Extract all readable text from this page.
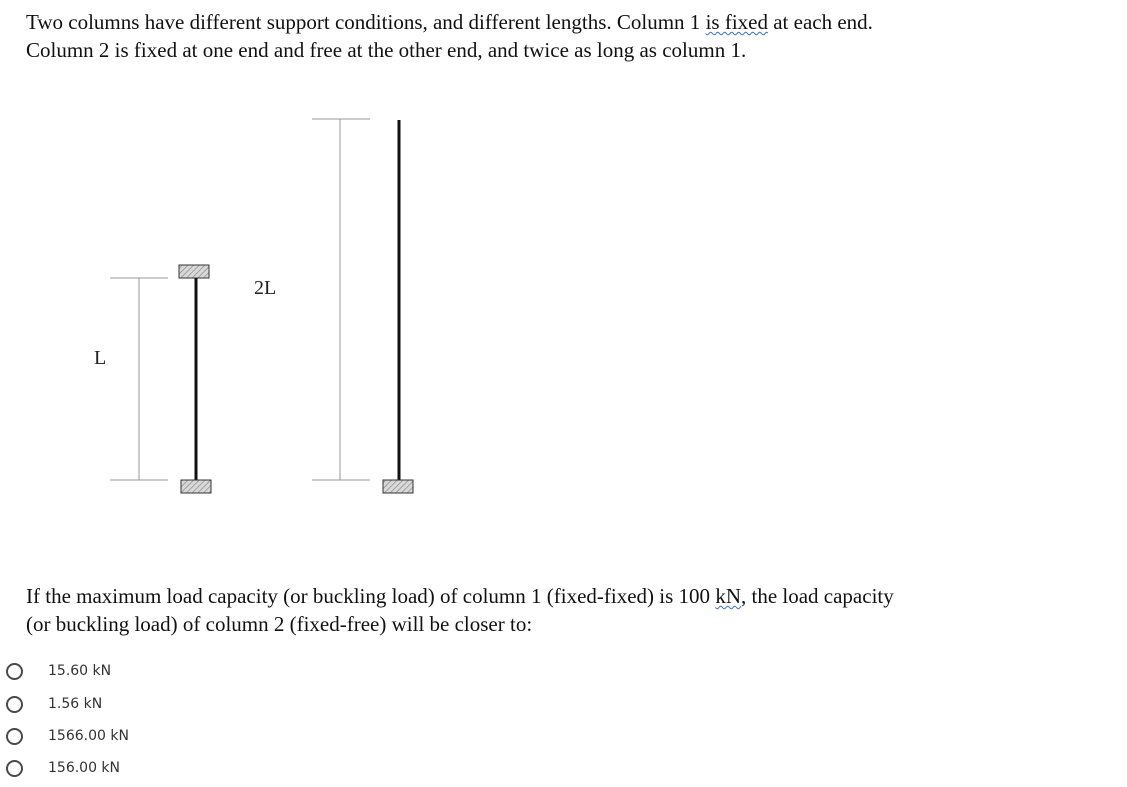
Two columns have different support conditions, and different lengths. Column 1 is fixed at each end.
Column 2 is fixed at one end and free at the other end, and twice as long as column 1.
L
2L
If the maximum load capacity (or buckling load) of column 1 (fixed-fixed) is 100 kN, the load capacity
(or buckling load) of column 2 (fixed-free) will be closer to:
15.60 kN
1.56 kN
1566.00 kN
156.00 kN
